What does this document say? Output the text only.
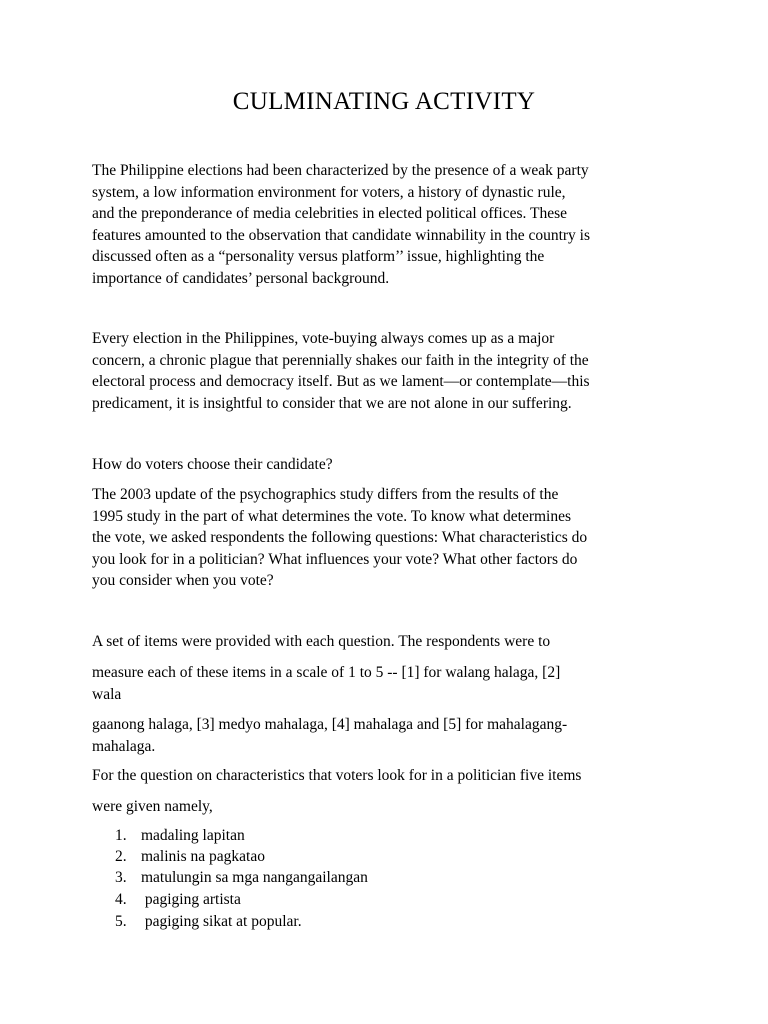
CULMINATING ACTIVITY

The Philippine elections had been characterized by the presence of a weak party
system, a low information environment for voters, a history of dynastic rule,
and the preponderance of media celebrities in elected political offices. These
features amounted to the observation that candidate winnability in the country is
discussed often as a “personality versus platform’’ issue, highlighting the
importance of candidates’ personal background.

Every election in the Philippines, vote-buying always comes up as a major
concern, a chronic plague that perennially shakes our faith in the integrity of the
electoral process and democracy itself. But as we lament—or contemplate—this
predicament, it is insightful to consider that we are not alone in our suffering.

How do voters choose their candidate?

The 2003 update of the psychographics study differs from the results of the
1995 study in the part of what determines the vote. To know what determines
the vote, we asked respondents the following questions: What characteristics do
you look for in a politician? What influences your vote? What other factors do
you consider when you vote?

A set of items were provided with each question. The respondents were to

measure each of these items in a scale of 1 to 5 -- [1] for walang halaga, [2]
wala

gaanong halaga, [3] medyo mahalaga, [4] mahalaga and [5] for mahalagang-
mahalaga.

For the question on characteristics that voters look for in a politician five items

were given namely,

1. madaling lapitan
2. malinis na pagkatao
3. matulungin sa mga nangangailangan
4. pagiging artista
5. pagiging sikat at popular.
